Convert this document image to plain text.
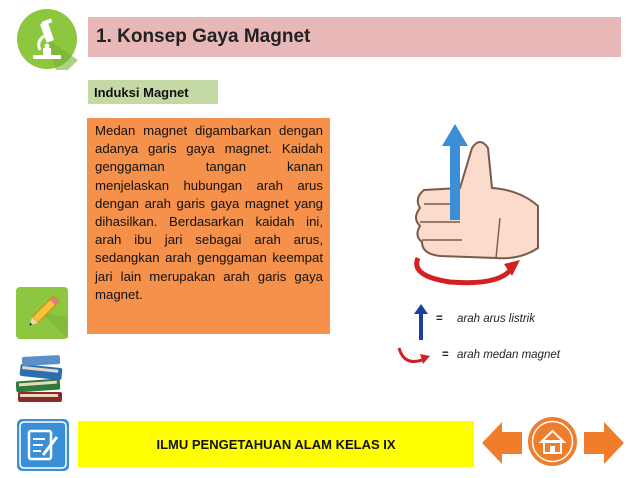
1. Konsep Gaya Magnet
Induksi Magnet
Medan magnet digambarkan dengan adanya garis gaya magnet. Kaidah genggaman tangan kanan menjelaskan hubungan arah arus dengan arah garis gaya magnet yang dihasilkan. Berdasarkan kaidah ini, arah ibu jari sebagai arah arus, sedangkan arah genggaman keempat jari lain merupakan arah garis gaya magnet.
= arah arus listrik
= arah medan magnet
ILMU PENGETAHUAN ALAM KELAS IX
